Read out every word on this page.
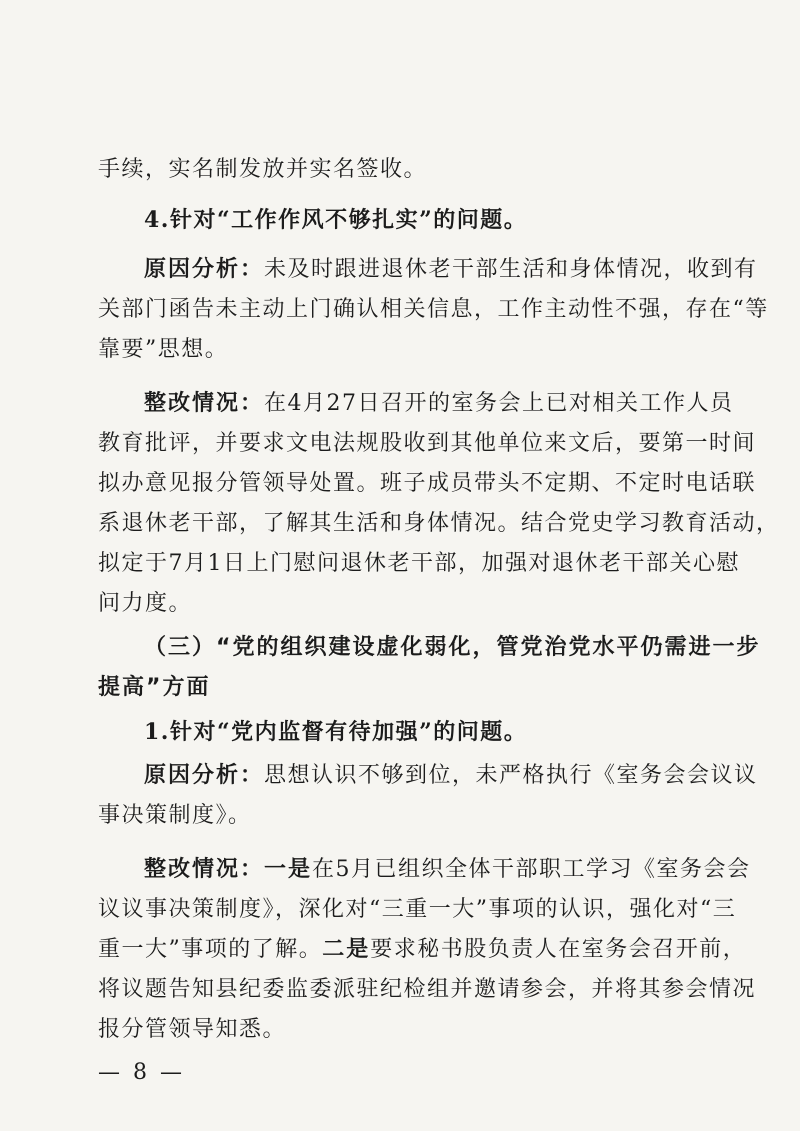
手续，实名制发放并实名签收。
4.针对“工作作风不够扎实”的问题。
原因分析：未及时跟进退休老干部生活和身体情况，收到有
关部门函告未主动上门确认相关信息，工作主动性不强，存在“等
靠要”思想。
整改情况：在4月27日召开的室务会上已对相关工作人员
教育批评，并要求文电法规股收到其他单位来文后，要第一时间
拟办意见报分管领导处置。班子成员带头不定期、不定时电话联
系退休老干部，了解其生活和身体情况。结合党史学习教育活动，
拟定于7月1日上门慰问退休老干部，加强对退休老干部关心慰
问力度。
（三）“党的组织建设虚化弱化，管党治党水平仍需进一步
提高”方面
1.针对“党内监督有待加强”的问题。
原因分析：思想认识不够到位，未严格执行《室务会会议议
事决策制度》。
整改情况：一是在5月已组织全体干部职工学习《室务会会
议议事决策制度》，深化对“三重一大”事项的认识，强化对“三
重一大”事项的了解。二是要求秘书股负责人在室务会召开前，
将议题告知县纪委监委派驻纪检组并邀请参会，并将其参会情况
报分管领导知悉。
— 8 —
